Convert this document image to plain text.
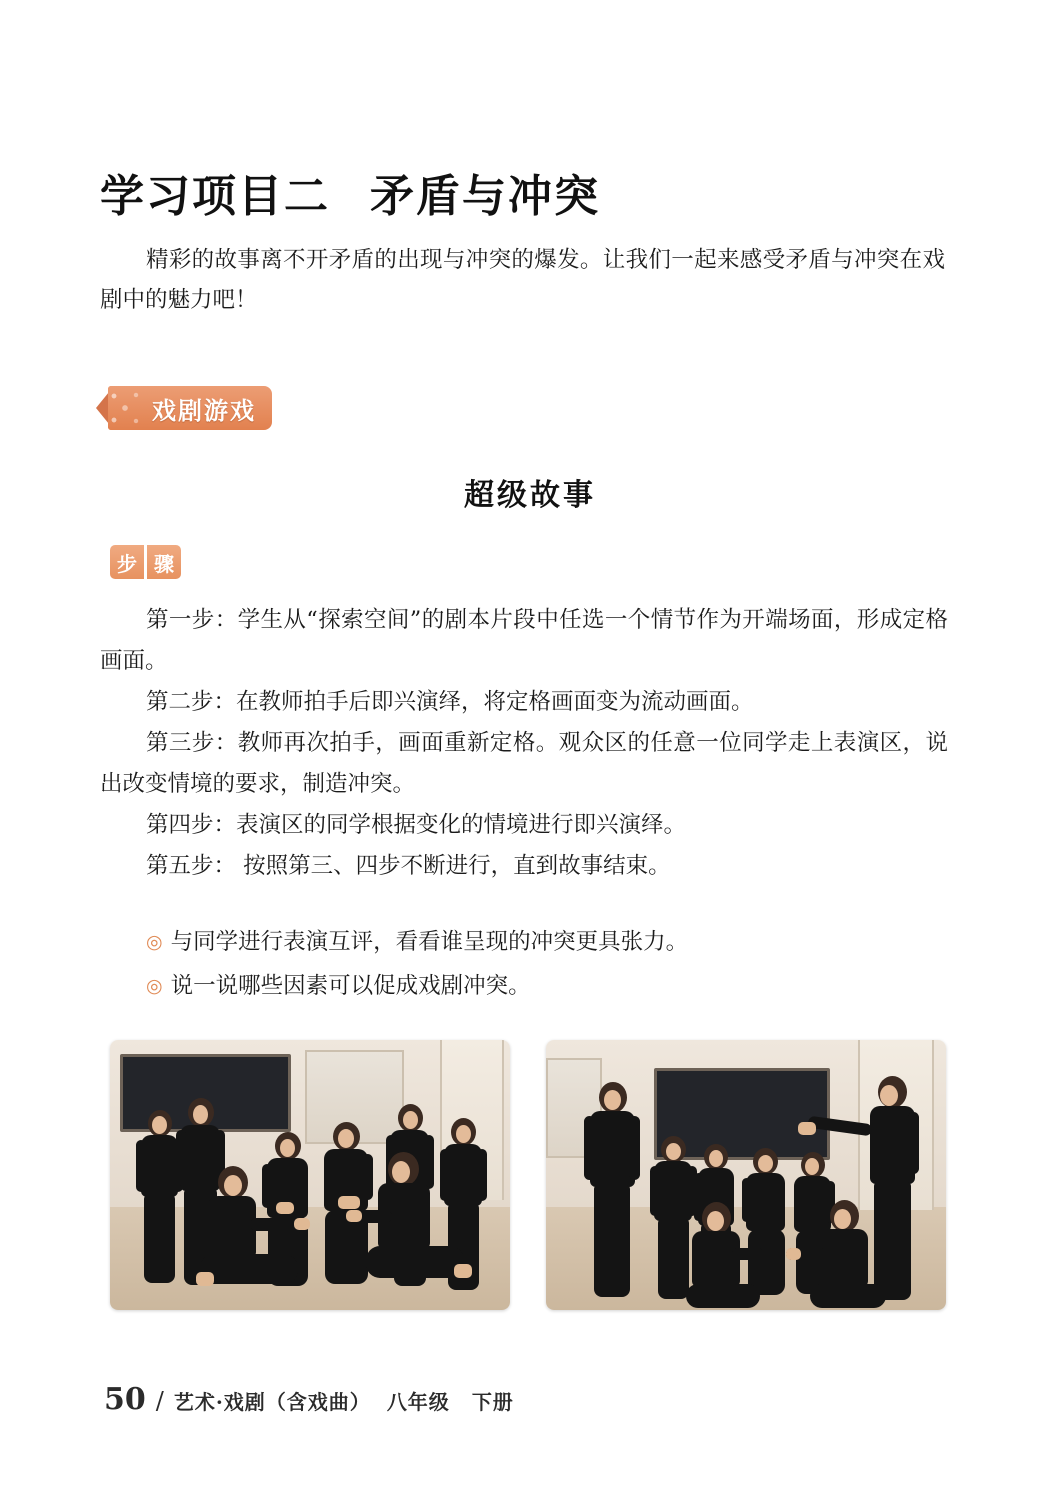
学习项目二 矛盾与冲突
精彩的故事离不开矛盾的出现与冲突的爆发。让我们一起来感受矛盾与冲突在戏剧中的魅力吧！
戏剧游戏
超级故事
步 骤

第一步：学生从“探索空间”的剧本片段中任选一个情节作为开端场面，形成定格画面。

第二步：在教师拍手后即兴演绎，将定格画面变为流动画面。

第三步：教师再次拍手，画面重新定格。观众区的任意一位同学走上表演区，说出改变情境的要求，制造冲突。

第四步：表演区的同学根据变化的情境进行即兴演绎。

第五步： 按照第三、四步不断进行，直到故事结束。

◎ 与同学进行表演互评，看看谁呈现的冲突更具张力。
◎ 说一说哪些因素可以促成戏剧冲突。
50 / 艺术·戏剧（含戏曲） 八年级 下册
